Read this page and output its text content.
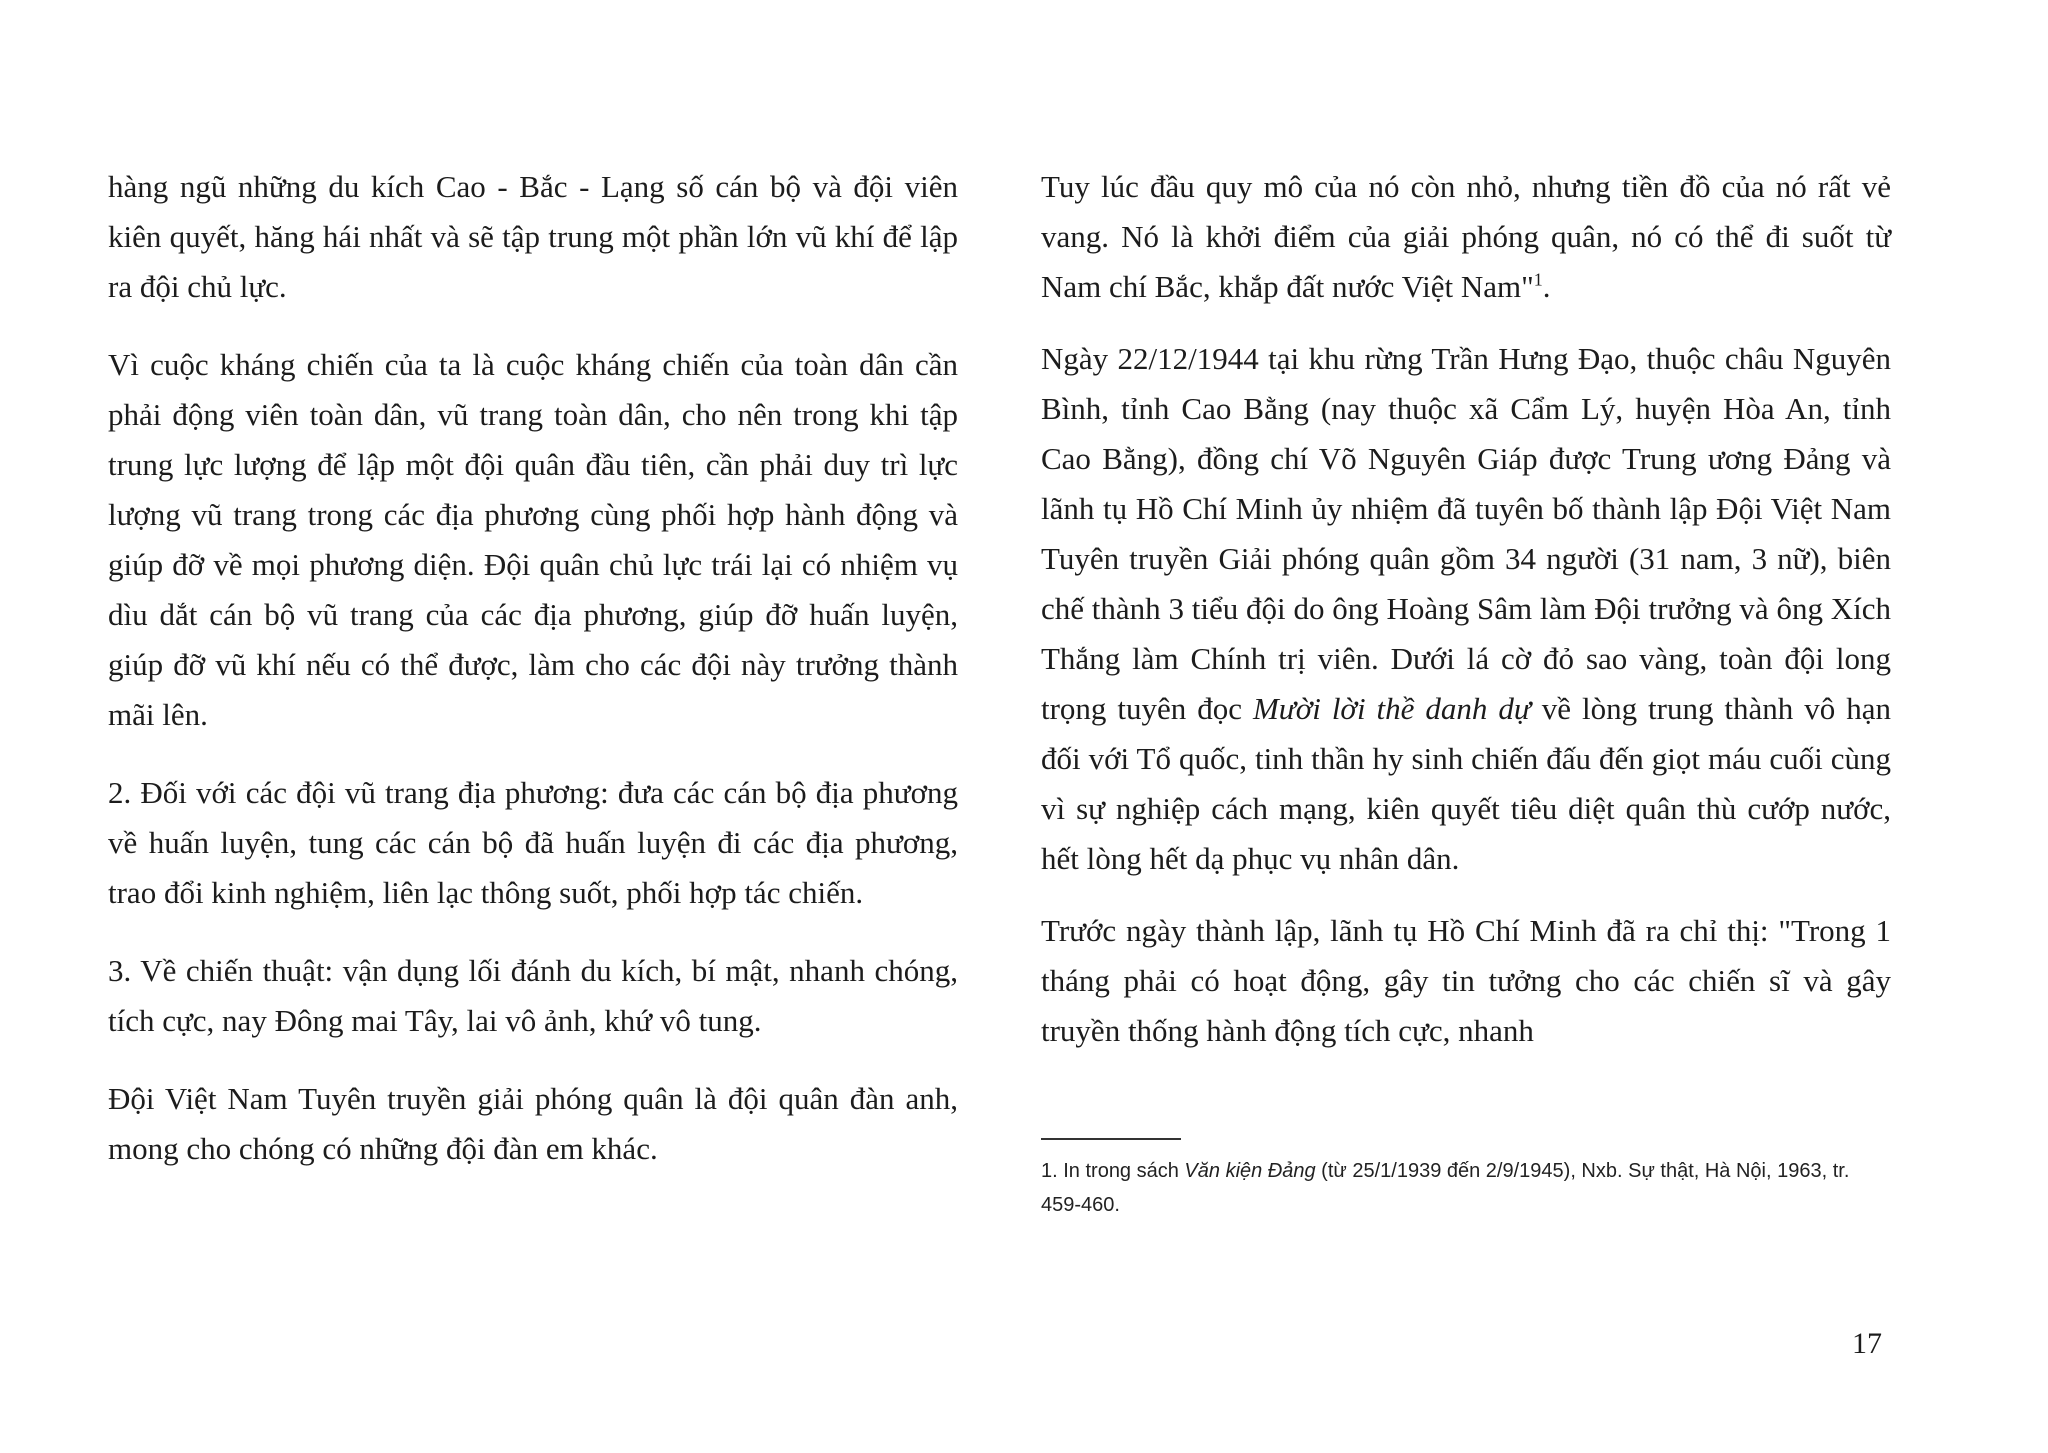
hàng ngũ những du kích Cao - Bắc - Lạng số cán bộ và đội viên kiên quyết, hăng hái nhất và sẽ tập trung một phần lớn vũ khí để lập ra đội chủ lực.

Vì cuộc kháng chiến của ta là cuộc kháng chiến của toàn dân cần phải động viên toàn dân, vũ trang toàn dân, cho nên trong khi tập trung lực lượng để lập một đội quân đầu tiên, cần phải duy trì lực lượng vũ trang trong các địa phương cùng phối hợp hành động và giúp đỡ về mọi phương diện. Đội quân chủ lực trái lại có nhiệm vụ dìu dắt cán bộ vũ trang của các địa phương, giúp đỡ huấn luyện, giúp đỡ vũ khí nếu có thể được, làm cho các đội này trưởng thành mãi lên.

2. Đối với các đội vũ trang địa phương: đưa các cán bộ địa phương về huấn luyện, tung các cán bộ đã huấn luyện đi các địa phương, trao đổi kinh nghiệm, liên lạc thông suốt, phối hợp tác chiến.

3. Về chiến thuật: vận dụng lối đánh du kích, bí mật, nhanh chóng, tích cực, nay Đông mai Tây, lai vô ảnh, khứ vô tung.

Đội Việt Nam Tuyên truyền giải phóng quân là đội quân đàn anh, mong cho chóng có những đội đàn em khác.

Tuy lúc đầu quy mô của nó còn nhỏ, nhưng tiền đồ của nó rất vẻ vang. Nó là khởi điểm của giải phóng quân, nó có thể đi suốt từ Nam chí Bắc, khắp đất nước Việt Nam"$^1$.

Ngày 22/12/1944 tại khu rừng Trần Hưng Đạo, thuộc châu Nguyên Bình, tỉnh Cao Bằng (nay thuộc xã Cẩm Lý, huyện Hòa An, tỉnh Cao Bằng), đồng chí Võ Nguyên Giáp được Trung ương Đảng và lãnh tụ Hồ Chí Minh ủy nhiệm đã tuyên bố thành lập Đội Việt Nam Tuyên truyền Giải phóng quân gồm 34 người (31 nam, 3 nữ), biên chế thành 3 tiểu đội do ông Hoàng Sâm làm Đội trưởng và ông Xích Thắng làm Chính trị viên. Dưới lá cờ đỏ sao vàng, toàn đội long trọng tuyên đọc Mười lời thề danh dự về lòng trung thành vô hạn đối với Tổ quốc, tinh thần hy sinh chiến đấu đến giọt máu cuối cùng vì sự nghiệp cách mạng, kiên quyết tiêu diệt quân thù cướp nước, hết lòng hết dạ phục vụ nhân dân.

Trước ngày thành lập, lãnh tụ Hồ Chí Minh đã ra chỉ thị: "Trong 1 tháng phải có hoạt động, gây tin tưởng cho các chiến sĩ và gây truyền thống hành động tích cực, nhanh

1. In trong sách Văn kiện Đảng (từ 25/1/1939 đến 2/9/1945), Nxb. Sự thật, Hà Nội, 1963, tr. 459-460.
17
